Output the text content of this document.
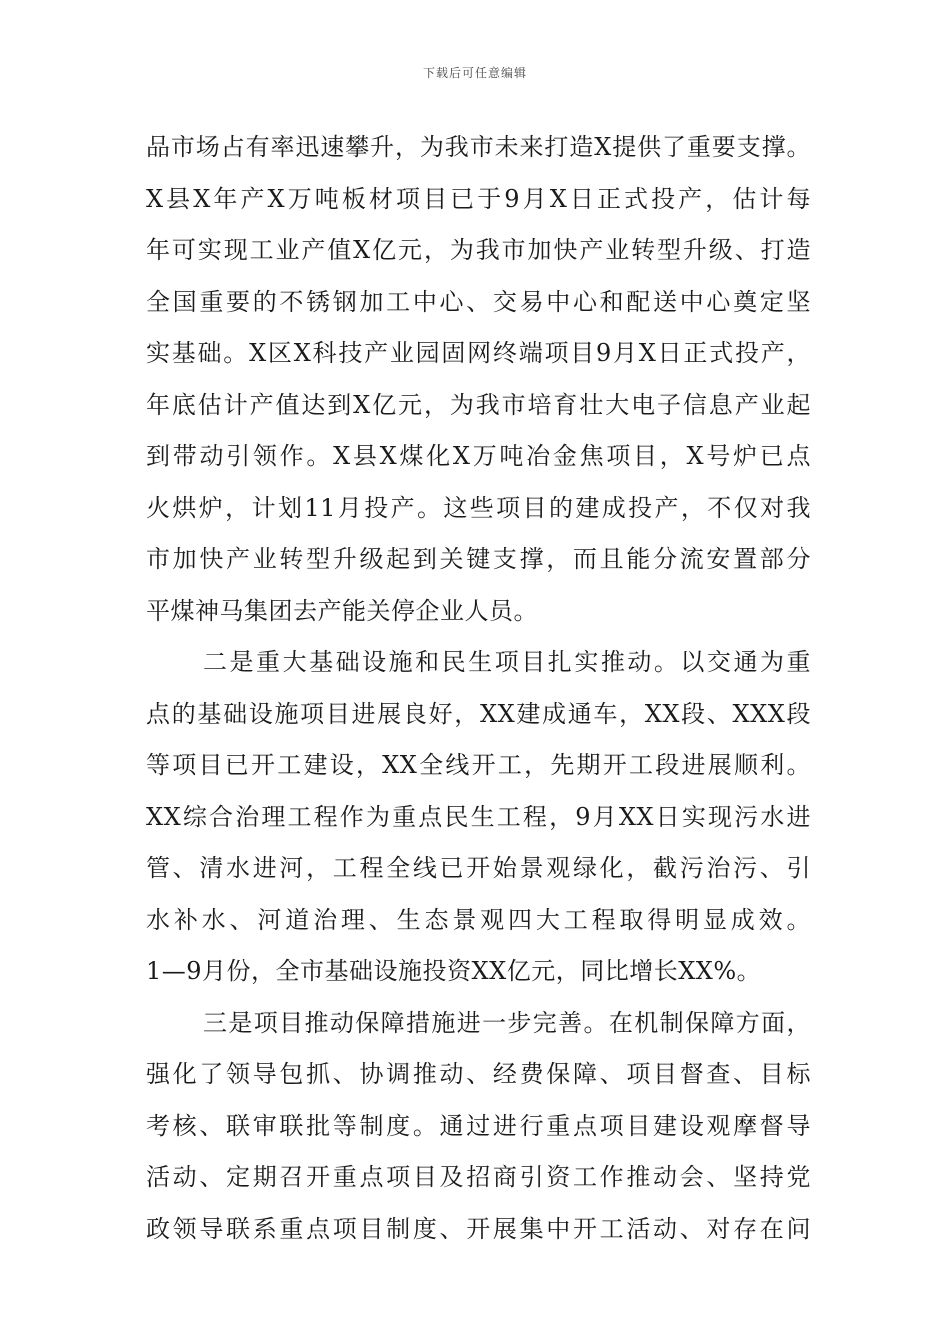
下载后可任意编辑
品市场占有率迅速攀升，为我市未来打造X提供了重要支撑。
X县X年产X万吨板材项目已于9月X日正式投产，估计每
年可实现工业产值X亿元，为我市加快产业转型升级、打造
全国重要的不锈钢加工中心、交易中心和配送中心奠定坚
实基础。X区X科技产业园固网终端项目9月X日正式投产，
年底估计产值达到X亿元，为我市培育壮大电子信息产业起
到带动引领作。X县X煤化X万吨冶金焦项目，X号炉已点
火烘炉，计划11月投产。这些项目的建成投产，不仅对我
市加快产业转型升级起到关键支撑，而且能分流安置部分
平煤神马集团去产能关停企业人员。
二是重大基础设施和民生项目扎实推动。以交通为重
点的基础设施项目进展良好，XX建成通车，XX段、XXX段
等项目已开工建设，XX全线开工，先期开工段进展顺利。
XX综合治理工程作为重点民生工程，9月XX日实现污水进
管、清水进河，工程全线已开始景观绿化，截污治污、引
水补水、河道治理、生态景观四大工程取得明显成效。
1—9月份，全市基础设施投资XX亿元，同比增长XX%。
三是项目推动保障措施进一步完善。在机制保障方面，
强化了领导包抓、协调推动、经费保障、项目督查、目标
考核、联审联批等制度。通过进行重点项目建设观摩督导
活动、定期召开重点项目及招商引资工作推动会、坚持党
政领导联系重点项目制度、开展集中开工活动、对存在问
